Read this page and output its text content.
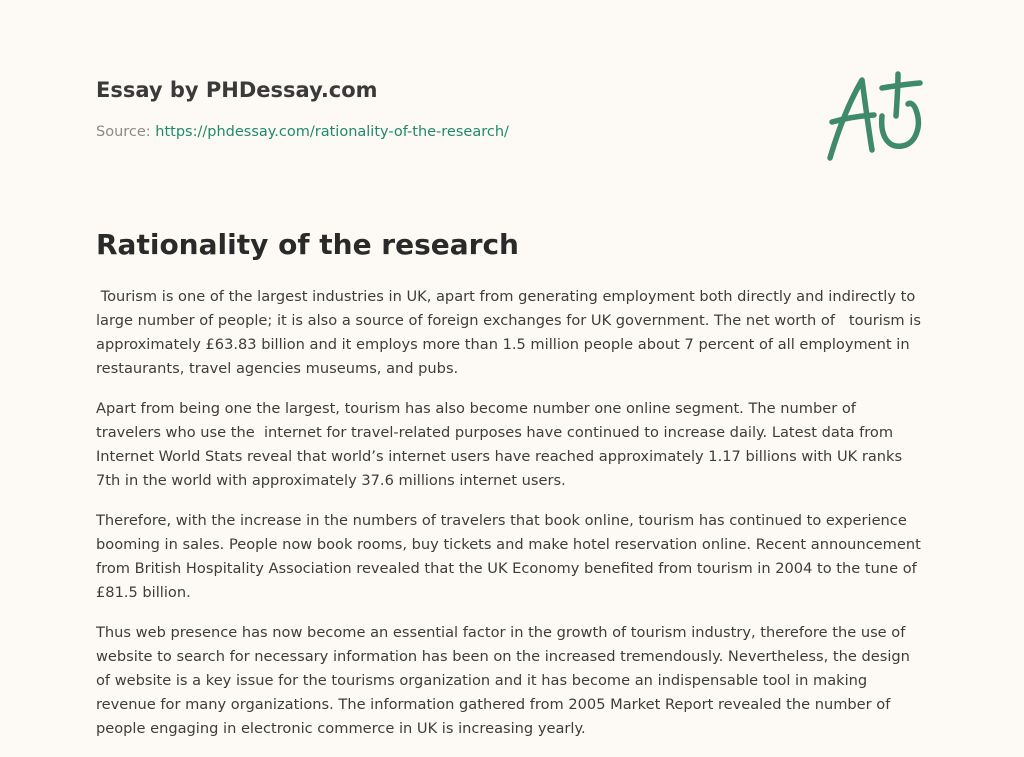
Essay by PHDessay.com
Source: https://phdessay.com/rationality-of-the-research/
Rationality of the research

Tourism is one of the largest industries in UK, apart from generating employment both directly and indirectly to large number of people; it is also a source of foreign exchanges for UK government. The net worth of   tourism is approximately £63.83 billion and it employs more than 1.5 million people about 7 percent of all employment in restaurants, travel agencies museums, and pubs.

Apart from being one the largest, tourism has also become number one online segment. The number of travelers who use the  internet for travel-related purposes have continued to increase daily. Latest data from Internet World Stats reveal that world’s internet users have reached approximately 1.17 billions with UK ranks 7th in the world with approximately 37.6 millions internet users.

Therefore, with the increase in the numbers of travelers that book online, tourism has continued to experience booming in sales. People now book rooms, buy tickets and make hotel reservation online. Recent announcement from British Hospitality Association revealed that the UK Economy benefited from tourism in 2004 to the tune of £81.5 billion.

Thus web presence has now become an essential factor in the growth of tourism industry, therefore the use of website to search for necessary information has been on the increased tremendously. Nevertheless, the design of website is a key issue for the tourisms organization and it has become an indispensable tool in making revenue for many organizations. The information gathered from 2005 Market Report revealed the number of people engaging in electronic commerce in UK is increasing yearly.
